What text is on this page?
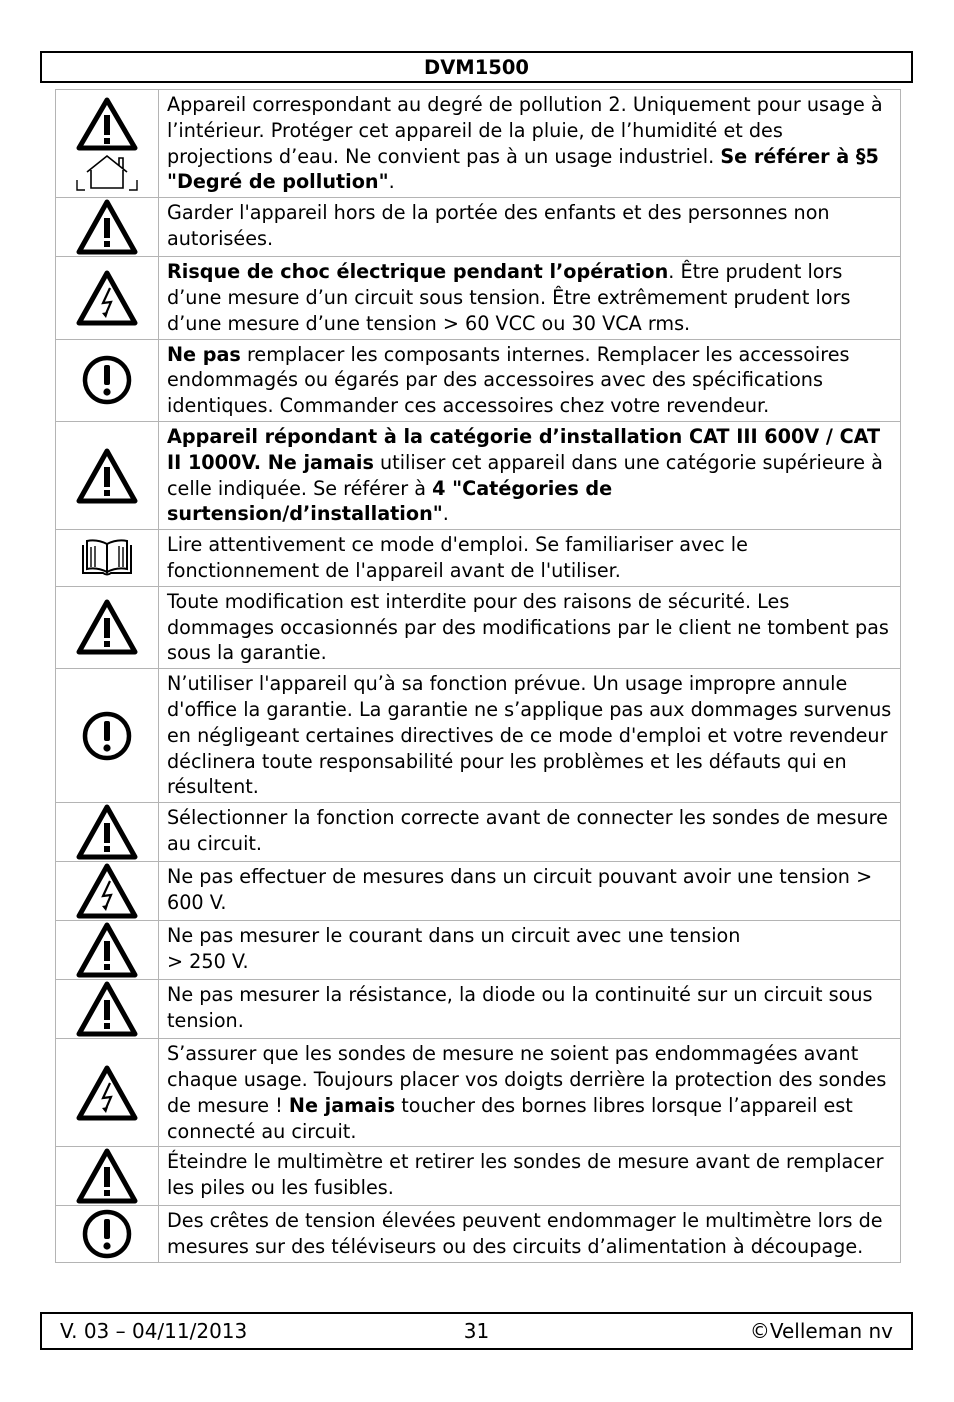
DVM1500
	Appareil correspondant au degré de pollution 2. Uniquement pour usage à l’intérieur. Protéger cet appareil de la pluie, de l’humidité et des projections d’eau. Ne convient pas à un usage industriel. Se référer à §5 "Degré de pollution".

	Garder l'appareil hors de la portée des enfants et des personnes non autorisées.

	Risque de choc électrique pendant l’opération. Être prudent lors d’une mesure d’un circuit sous tension. Être extrêmement prudent lors d’une mesure d’une tension > 60 VCC ou 30 VCA rms.

	Ne pas remplacer les composants internes. Remplacer les accessoires endommagés ou égarés par des accessoires avec des spécifications identiques. Commander ces accessoires chez votre revendeur.

	Appareil répondant à la catégorie d’installation CAT III 600V / CAT II 1000V. Ne jamais utiliser cet appareil dans une catégorie supérieure à celle indiquée. Se référer à 4 "Catégories de surtension/d’installation".

	Lire attentivement ce mode d'emploi. Se familiariser avec le fonctionnement de l'appareil avant de l'utiliser.

	Toute modification est interdite pour des raisons de sécurité. Les dommages occasionnés par des modifications par le client ne tombent pas sous la garantie.

	N’utiliser l'appareil qu’à sa fonction prévue. Un usage impropre annule d'office la garantie. La garantie ne s’applique pas aux dommages survenus en négligeant certaines directives de ce mode d'emploi et votre revendeur déclinera toute responsabilité pour les problèmes et les défauts qui en résultent.

	Sélectionner la fonction correcte avant de connecter les sondes de mesure au circuit.

	Ne pas effectuer de mesures dans un circuit pouvant avoir une tension > 600 V.

	Ne pas mesurer le courant dans un circuit avec une tension
> 250 V.

	Ne pas mesurer la résistance, la diode ou la continuité sur un circuit sous tension.

	S’assurer que les sondes de mesure ne soient pas endommagées avant chaque usage. Toujours placer vos doigts derrière la protection des sondes de mesure ! Ne jamais toucher des bornes libres lorsque l’appareil est connecté au circuit.

	Éteindre le multimètre et retirer les sondes de mesure avant de remplacer les piles ou les fusibles.

	Des crêtes de tension élevées peuvent endommager le multimètre lors de mesures sur des téléviseurs ou des circuits d’alimentation à découpage.
V. 03 – 04/11/2013	31	©Velleman nv
